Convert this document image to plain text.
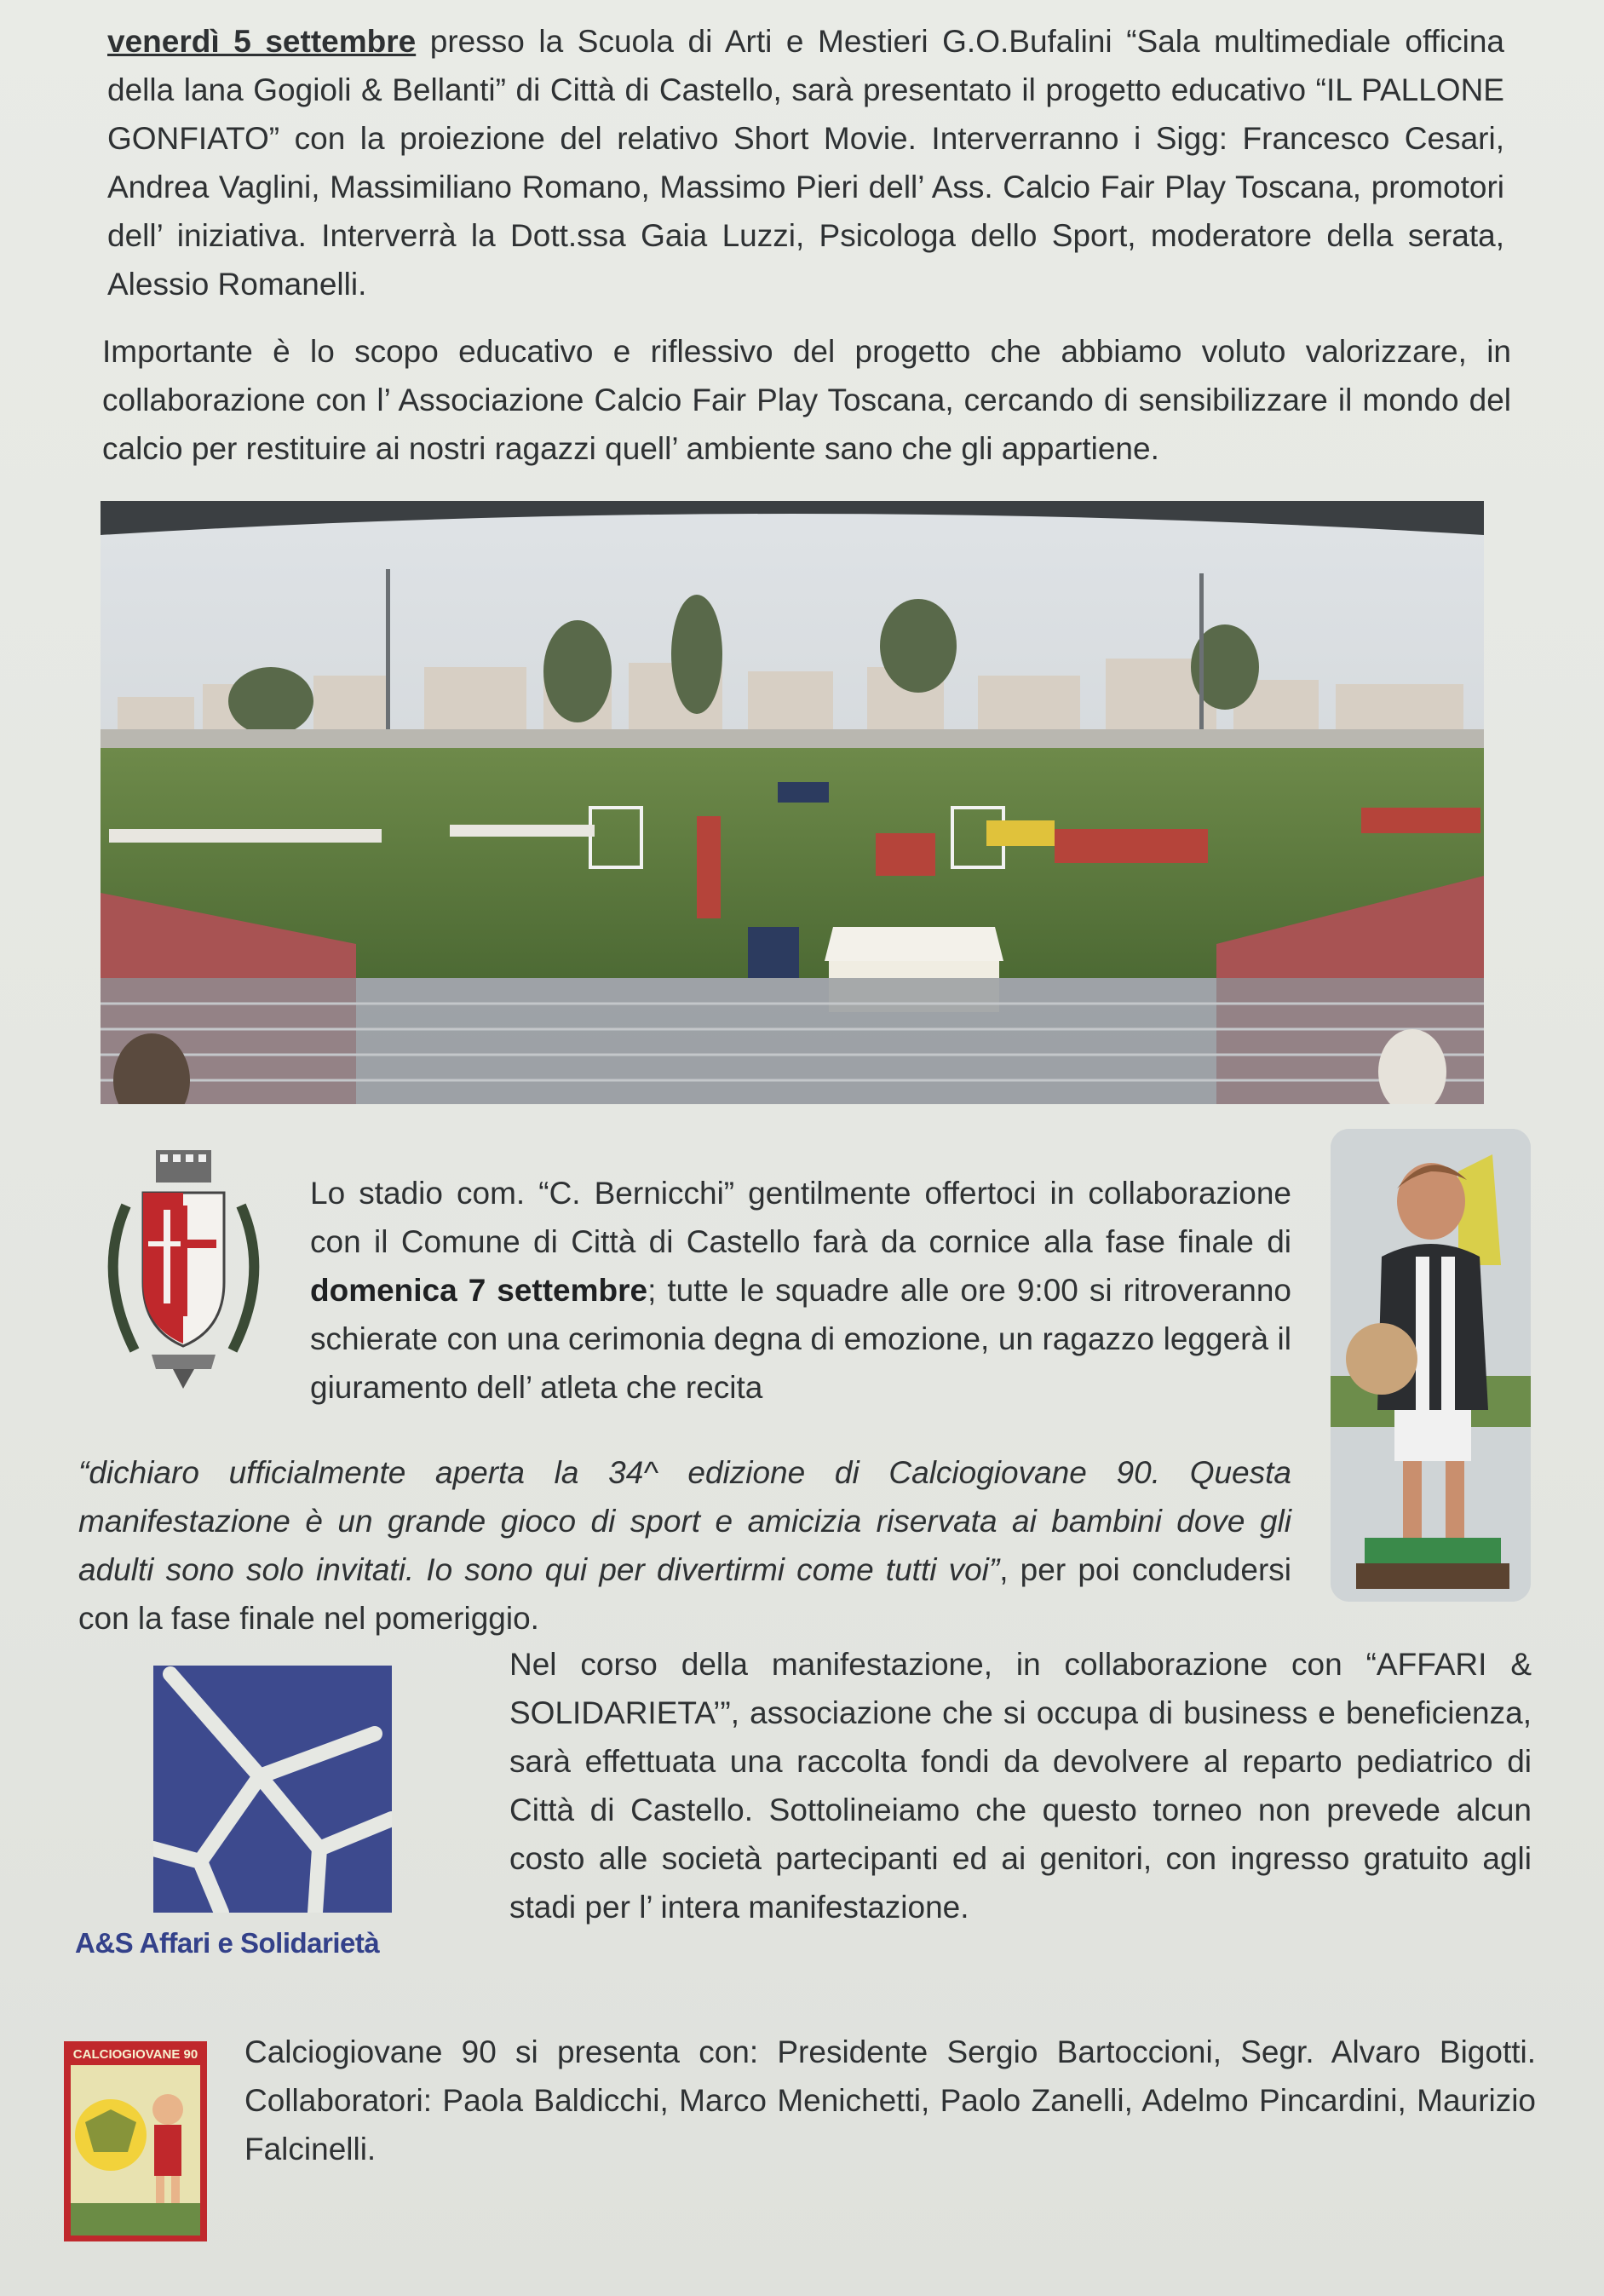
venerdì 5 settembre presso la Scuola di Arti e Mestieri G.O.Bufalini “Sala multimediale officina della lana Gogioli & Bellanti” di Città di Castello, sarà presentato il progetto educativo “IL PALLONE GONFIATO” con la proiezione del relativo Short Movie. Interverranno i Sigg: Francesco Cesari, Andrea Vaglini, Massimiliano Romano, Massimo Pieri dell’ Ass. Calcio Fair Play Toscana, promotori dell’ iniziativa. Interverrà la Dott.ssa Gaia Luzzi, Psicologa dello Sport, moderatore della serata, Alessio Romanelli.

Importante è lo scopo educativo e riflessivo del progetto che abbiamo voluto valorizzare, in collaborazione con l’ Associazione Calcio Fair Play Toscana, cercando di sensibilizzare il mondo del calcio per restituire ai nostri ragazzi quell’ ambiente sano che gli appartiene.

Lo stadio com. “C. Bernicchi” gentilmente offertoci in collaborazione con il Comune di Città di Castello farà da cornice alla fase finale di domenica 7 settembre; tutte le squadre alle ore 9:00 si ritroveranno schierate con una cerimonia degna di emozione, un ragazzo leggerà il giuramento dell’ atleta che recita

“dichiaro ufficialmente aperta la 34^ edizione di Calciogiovane 90. Questa manifestazione è un grande gioco di sport e amicizia riservata ai bambini dove gli adulti sono solo invitati. Io sono qui per divertirmi come tutti voi”, per poi concludersi con la fase finale nel pomeriggio.

A&S Affari e Solidarietà

Nel corso della manifestazione, in collaborazione con “AFFARI & SOLIDARIETA’”, associazione che si occupa di business e beneficienza, sarà effettuata una raccolta fondi da devolvere al reparto pediatrico di Città di Castello. Sottolineiamo che questo torneo non prevede alcun costo alle società partecipanti ed ai genitori, con ingresso gratuito agli stadi per l’ intera manifestazione.

CALCIOGIOVANE 90 Calciogiovane 90 si presenta con: Presidente Sergio Bartoccioni, Segr. Alvaro Bigotti. Collaboratori: Paola Baldicchi, Marco Menichetti, Paolo Zanelli, Adelmo Pincardini, Maurizio Falcinelli.
